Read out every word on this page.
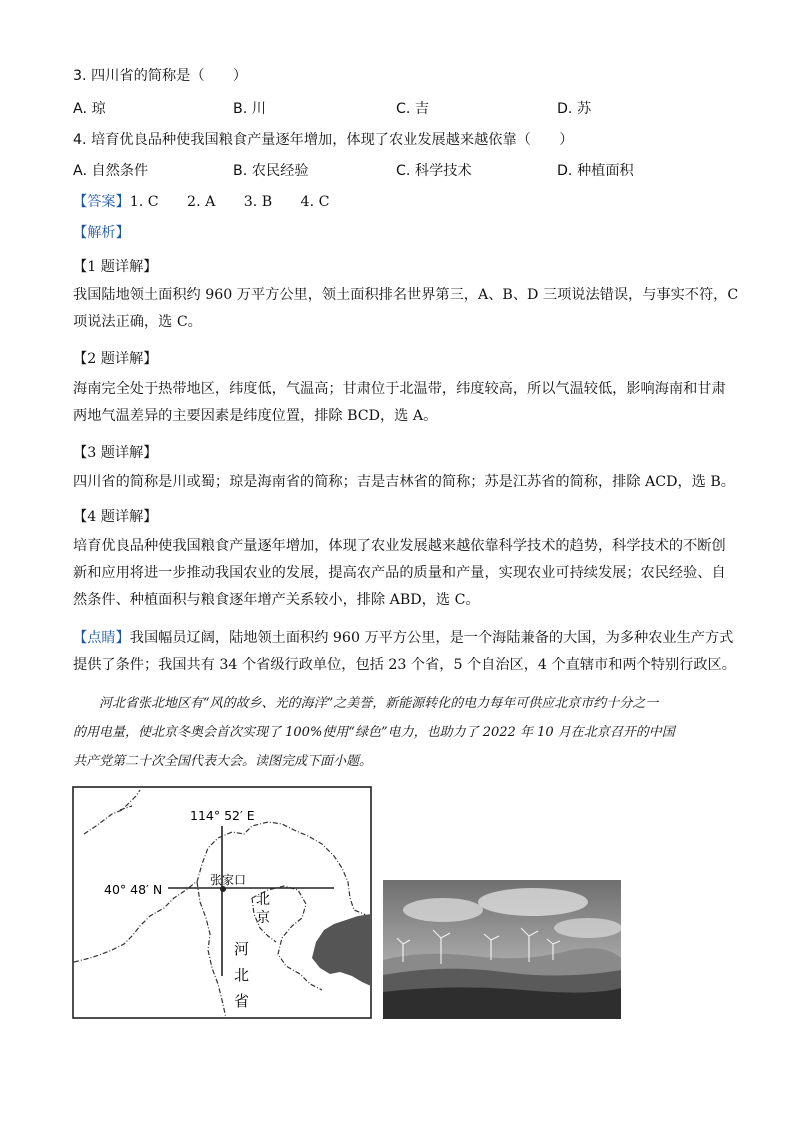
3. 四川省的简称是（　　）
A. 琼	B. 川	C. 吉	D. 苏
4. 培育优良品种使我国粮食产量逐年增加，体现了农业发展越来越依靠（　　）
A. 自然条件	B. 农民经验	C. 科学技术	D. 种植面积
【答案】1. C　　2. A　　3. B　　4. C
【解析】
【1 题详解】
我国陆地领土面积约 960 万平方公里，领土面积排名世界第三，A、B、D 三项说法错误，与事实不符，C
项说法正确，选 C。
【2 题详解】
海南完全处于热带地区，纬度低，气温高；甘肃位于北温带，纬度较高，所以气温较低，影响海南和甘肃
两地气温差异的主要因素是纬度位置，排除 BCD，选 A。
【3 题详解】
四川省的简称是川或蜀；琼是海南省的简称；吉是吉林省的简称；苏是江苏省的简称，排除 ACD，选 B。
【4 题详解】
培育优良品种使我国粮食产量逐年增加，体现了农业发展越来越依靠科学技术的趋势，科学技术的不断创
新和应用将进一步推动我国农业的发展，提高农产品的质量和产量，实现农业可持续发展；农民经验、自
然条件、种植面积与粮食逐年增产关系较小，排除 ABD，选 C。
【点睛】我国幅员辽阔，陆地领土面积约 960 万平方公里，是一个海陆兼备的大国，为多种农业生产方式
提供了条件；我国共有 34 个省级行政单位，包括 23 个省，5 个自治区，4 个直辖市和两个特别行政区。
　　河北省张北地区有“风的故乡、光的海洋”之美誉，新能源转化的电力每年可供应北京市约十分之一
的用电量，使北京冬奥会首次实现了 100%使用“绿色”电力，也助力了 2022 年 10 月在北京召开的中国
共产党第二十次全国代表大会。读图完成下面小题。
114° 52′ E
40° 48′ N
张家口
北
京
河
北
省
